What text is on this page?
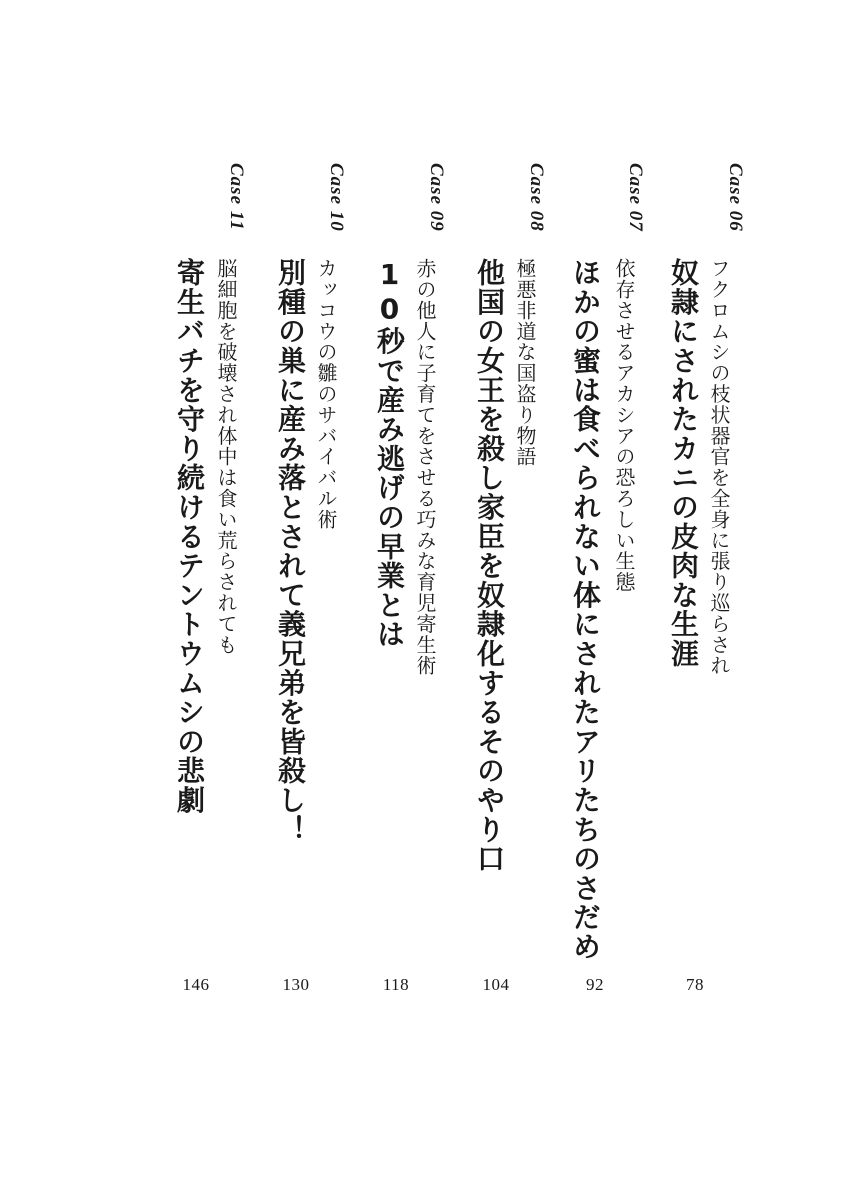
Case 06
フクロムシの枝状器官を全身に張り巡らされ
奴隷にされたカニの皮肉な生涯
78
Case 07
依存させるアカシアの恐ろしい生態
ほかの蜜は食べられない体にされたアリたちのさだめ
92
Case 08
極悪非道な国盗り物語
他国の女王を殺し家臣を奴隷化するそのやり口
104
Case 09
赤の他人に子育てをさせる巧みな育児寄生術
10秒で産み逃げの早業とは
118
Case 10
カッコウの雛のサバイバル術
別種の巣に産み落とされて義兄弟を皆殺し！
130
Case 11
脳細胞を破壊され体中は食い荒らされても
寄生バチを守り続けるテントウムシの悲劇
146
